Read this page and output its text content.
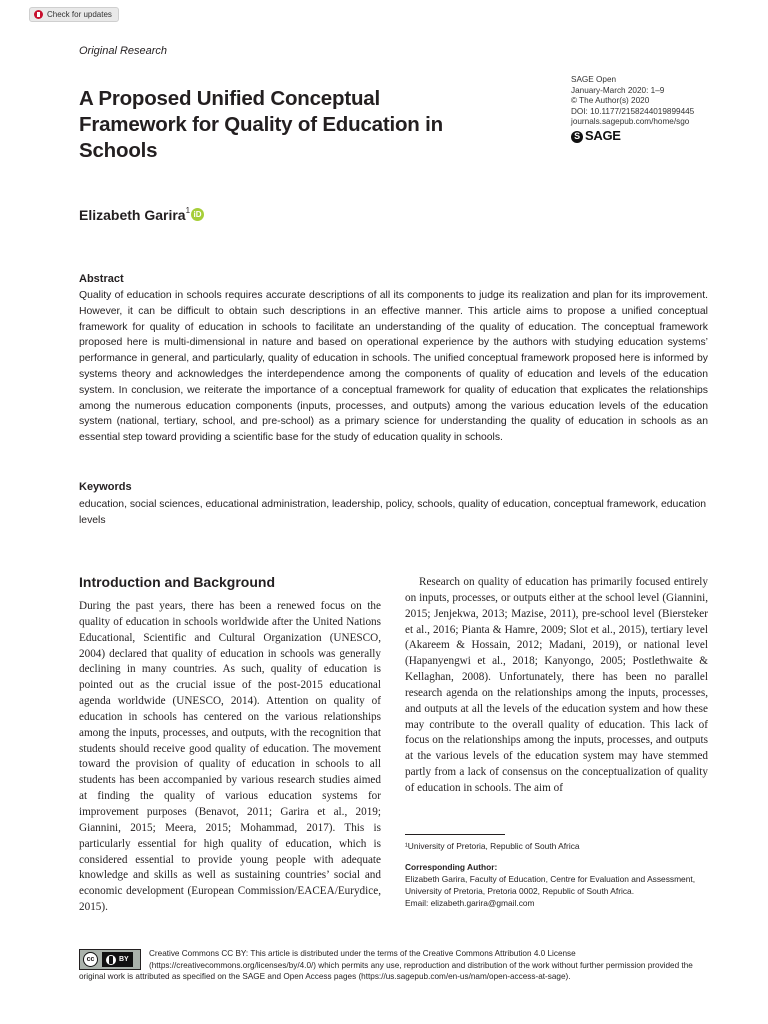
Check for updates
Original Research
A Proposed Unified Conceptual Framework for Quality of Education in Schools
SAGE Open
January-March 2020: 1–9
© The Author(s) 2020
DOI: 10.1177/2158244019899445
journals.sagepub.com/home/sgo
S SAGE
Elizabeth Garira$^1$ iD
Abstract

Quality of education in schools requires accurate descriptions of all its components to judge its realization and plan for its improvement. However, it can be difficult to obtain such descriptions in an effective manner. This article aims to propose a unified conceptual framework for quality of education in schools to facilitate an understanding of the quality of education. The conceptual framework proposed here is multi-dimensional in nature and based on operational experience by the authors with studying education systems’ performance in general, and particularly, quality of education in schools. The unified conceptual framework proposed here is informed by systems theory and acknowledges the interdependence among the components of quality of education and levels of the education system. In conclusion, we reiterate the importance of a conceptual framework for quality of education that explicates the relationships among the numerous education components (inputs, processes, and outputs) among the various education levels of the education system (national, tertiary, school, and pre-school) as a primary science for understanding the quality of education in schools as an essential step toward providing a scientific base for the study of education quality in schools.

Keywords

education, social sciences, educational administration, leadership, policy, schools, quality of education, conceptual framework, education levels

Introduction and Background

During the past years, there has been a renewed focus on the quality of education in schools worldwide after the United Nations Educational, Scientific and Cultural Organization (UNESCO, 2004) declared that quality of education in schools was generally declining in many countries. As such, quality of education is pointed out as the crucial issue of the post-2015 educational agenda worldwide (UNESCO, 2014). Attention on quality of education in schools has centered on the various relationships among the inputs, processes, and outputs, with the recognition that students should receive good quality of education. The movement toward the provision of quality of education in schools to all students has been accompanied by various research studies aimed at finding the quality of various education systems for improvement purposes (Benavot, 2011; Garira et al., 2019; Giannini, 2015; Meera, 2015; Mohammad, 2017). This is particularly essential for high quality of education, which is considered essential to provide young people with adequate knowledge and skills as well as sustaining countries’ social and economic development (European Commission/EACEA/Eurydice, 2015).

Research on quality of education has primarily focused entirely on inputs, processes, or outputs either at the school level (Giannini, 2015; Jenjekwa, 2013; Mazise, 2011), pre-school level (Biersteker et al., 2016; Pianta & Hamre, 2009; Slot et al., 2015), tertiary level (Akareem & Hossain, 2012; Madani, 2019), or national level (Hapanyengwi et al., 2018; Kanyongo, 2005; Postlethwaite & Kellaghan, 2008). Unfortunately, there has been no parallel research agenda on the relationships among the inputs, processes, and outputs at all the levels of the education system and how these may contribute to the overall quality of education. This lack of focus on the relationships among the inputs, processes, and outputs at the various levels of the education system may have stemmed partly from a lack of consensus on the conceptualization of quality of education in schools. The aim of

¹University of Pretoria, Republic of South Africa
Corresponding Author:
Elizabeth Garira, Faculty of Education, Centre for Evaluation and Assessment, University of Pretoria, Pretoria 0002, Republic of South Africa.
Email: elizabeth.garira@gmail.com
cc	BY
Creative Commons CC BY: This article is distributed under the terms of the Creative Commons Attribution 4.0 License (https://creativecommons.org/licenses/by/4.0/) which permits any use, reproduction and distribution of the work without further permission provided the original work is attributed as specified on the SAGE and Open Access pages (https://us.sagepub.com/en-us/nam/open-access-at-sage).
